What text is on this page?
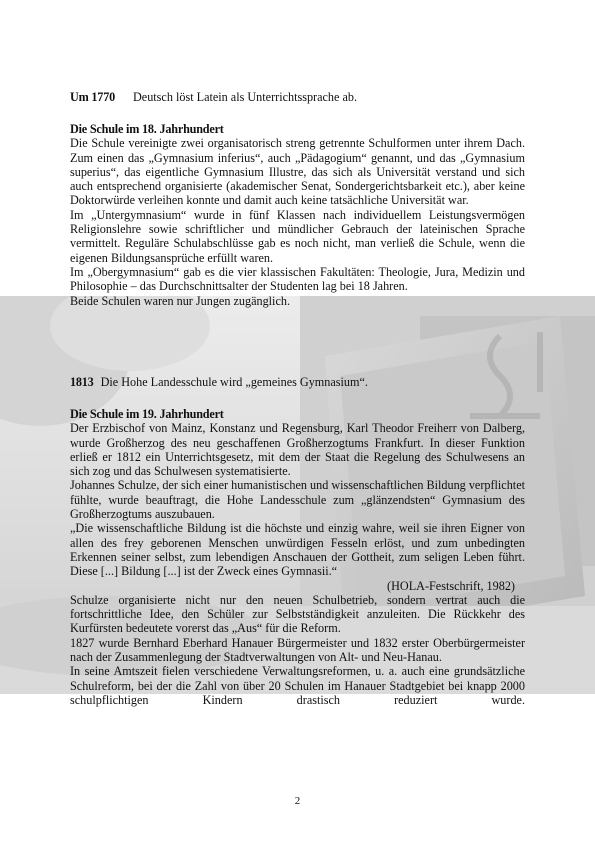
Um 1770 Deutsch löst Latein als Unterrichtssprache ab.

Die Schule im 18. Jahrhundert

Die Schule vereinigte zwei organisatorisch streng getrennte Schulformen unter ihrem Dach. Zum einen das „Gymnasium inferius“, auch „Pädagogium“ genannt, und das „Gymnasium superius“, das eigentliche Gymnasium Illustre, das sich als Universität verstand und sich auch entsprechend organisierte (akademischer Senat, Sondergerichtsbarkeit etc.), aber keine Doktorwürde verleihen konnte und damit auch keine tatsächliche Universität war.

Im „Untergymnasium“ wurde in fünf Klassen nach individuellem Leistungsvermögen Religionslehre sowie schriftlicher und mündlicher Gebrauch der lateinischen Sprache vermittelt. Reguläre Schulabschlüsse gab es noch nicht, man verließ die Schule, wenn die eigenen Bildungsansprüche erfüllt waren.

Im „Obergymnasium“ gab es die vier klassischen Fakultäten: Theologie, Jura, Medizin und Philosophie – das Durchschnittsalter der Studenten lag bei 18 Jahren.

Beide Schulen waren nur Jungen zugänglich.

1813 Die Hohe Landesschule wird „gemeines Gymnasium“.

Die Schule im 19. Jahrhundert

Der Erzbischof von Mainz, Konstanz und Regensburg, Karl Theodor Freiherr von Dalberg, wurde Großherzog des neu geschaffenen Großherzogtums Frankfurt. In dieser Funktion erließ er 1812 ein Unterrichtsgesetz, mit dem der Staat die Regelung des Schulwesens an sich zog und das Schulwesen systematisierte.

Johannes Schulze, der sich einer humanistischen und wissenschaftlichen Bildung verpflichtet fühlte, wurde beauftragt, die Hohe Landesschule zum „glänzendsten“ Gymnasium des Großherzogtums auszubauen.

„Die wissenschaftliche Bildung ist die höchste und einzig wahre, weil sie ihren Eigner von allen des frey geborenen Menschen unwürdigen Fesseln erlöst, und zum unbedingten Erkennen seiner selbst, zum lebendigen Anschauen der Gottheit, zum seligen Leben führt. Diese [...] Bildung [...] ist der Zweck eines Gymnasii.“
(HOLA-Festschrift, 1982)

Schulze organisierte nicht nur den neuen Schulbetrieb, sondern vertrat auch die fortschrittliche Idee, den Schüler zur Selbstständigkeit anzuleiten. Die Rückkehr des Kurfürsten bedeutete vorerst das „Aus“ für die Reform.

1827 wurde Bernhard Eberhard Hanauer Bürgermeister und 1832 erster Oberbürgermeister nach der Zusammenlegung der Stadtverwaltungen von Alt- und Neu-Hanau.

In seine Amtszeit fielen verschiedene Verwaltungsreformen, u. a. auch eine grundsätzliche Schulreform, bei der die Zahl von über 20 Schulen im Hanauer Stadtgebiet bei knapp 2000 schulpflichtigen Kindern drastisch reduziert wurde.

2
